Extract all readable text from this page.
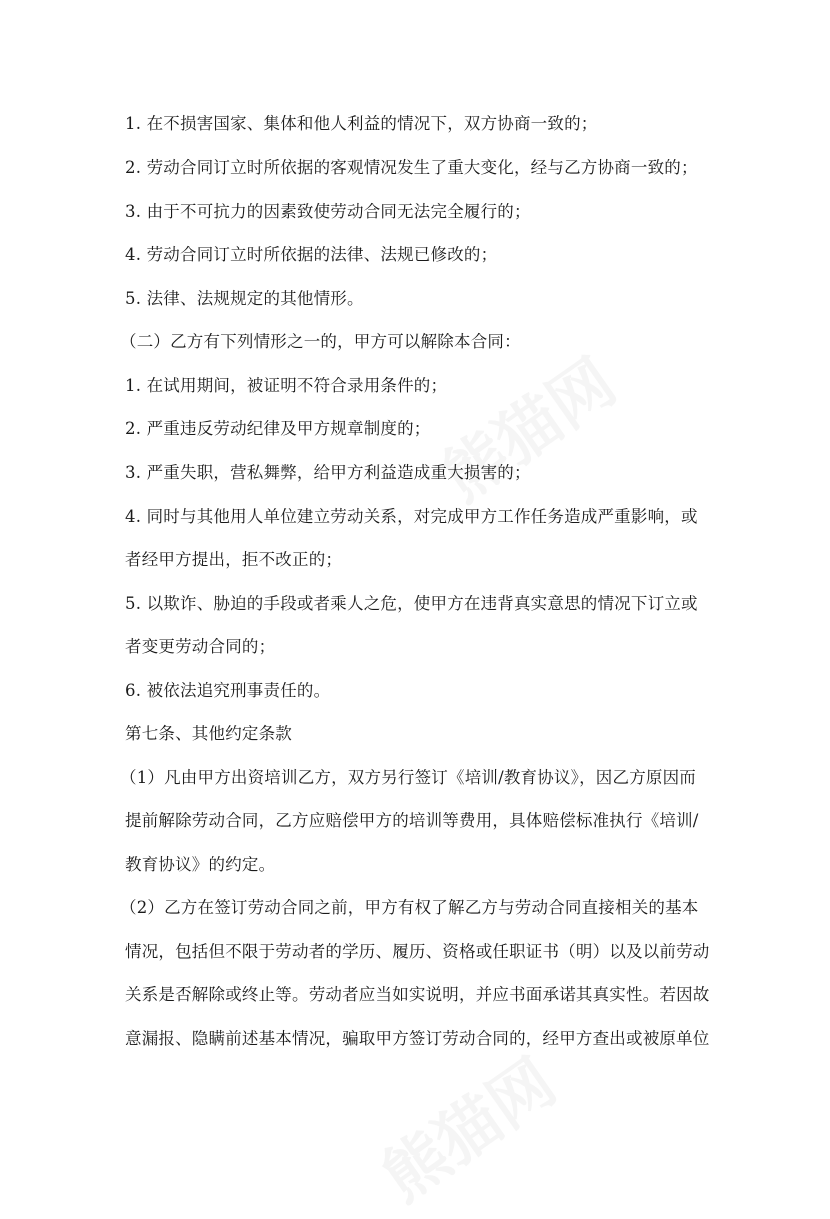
熊猫网
熊猫网
1. 在不损害国家、集体和他人利益的情况下，双方协商一致的；
2. 劳动合同订立时所依据的客观情况发生了重大变化，经与乙方协商一致的；
3. 由于不可抗力的因素致使劳动合同无法完全履行的；
4. 劳动合同订立时所依据的法律、法规已修改的；
5. 法律、法规规定的其他情形。
（二）乙方有下列情形之一的，甲方可以解除本合同：
1. 在试用期间，被证明不符合录用条件的；
2. 严重违反劳动纪律及甲方规章制度的；
3. 严重失职，营私舞弊，给甲方利益造成重大损害的；
4. 同时与其他用人单位建立劳动关系，对完成甲方工作任务造成严重影响，或
者经甲方提出，拒不改正的；
5. 以欺诈、胁迫的手段或者乘人之危，使甲方在违背真实意思的情况下订立或
者变更劳动合同的；
6. 被依法追究刑事责任的。
第七条、其他约定条款
（1）凡由甲方出资培训乙方，双方另行签订《培训/教育协议》，因乙方原因而
提前解除劳动合同，乙方应赔偿甲方的培训等费用，具体赔偿标准执行《培训/
教育协议》的约定。
（2）乙方在签订劳动合同之前，甲方有权了解乙方与劳动合同直接相关的基本
情况，包括但不限于劳动者的学历、履历、资格或任职证书（明）以及以前劳动
关系是否解除或终止等。劳动者应当如实说明，并应书面承诺其真实性。若因故
意漏报、隐瞒前述基本情况，骗取甲方签订劳动合同的，经甲方查出或被原单位
